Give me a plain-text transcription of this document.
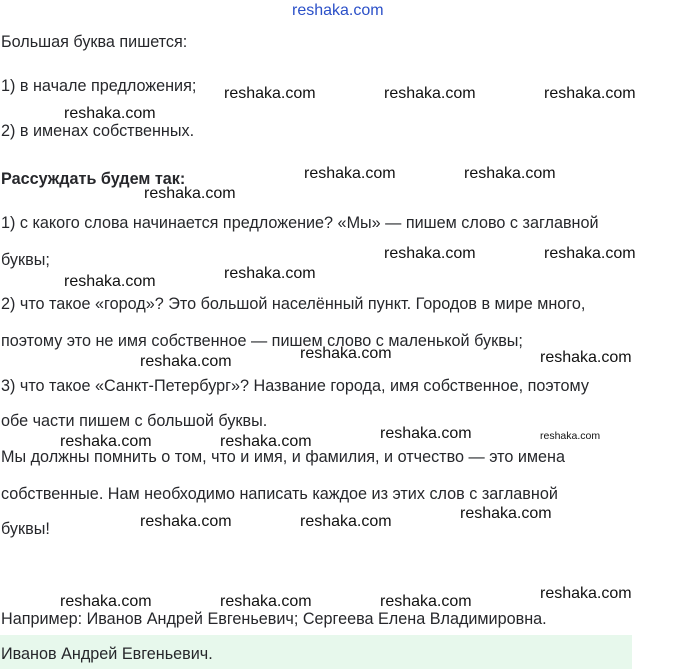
reshaka.com
Большая буква пишется:
1) в начале предложения;
2) в именах собственных.
Рассуждать будем так:
1) с какого слова начинается предложение? «Мы» — пишем слово с заглавной
буквы;
2) что такое «город»? Это большой населённый пункт. Городов в мире много,
поэтому это не имя собственное — пишем слово с маленькой буквы;
3) что такое «Санкт-Петербург»? Название города, имя собственное, поэтому
обе части пишем с большой буквы.
Мы должны помнить о том, что и имя, и фамилия, и отчество — это имена
собственные. Нам необходимо написать каждое из этих слов с заглавной
буквы!
Например: Иванов Андрей Евгеньевич; Сергеева Елена Владимировна.
Иванов Андрей Евгеньевич.
reshaka.com	reshaka.com	reshaka.com
reshaka.com
reshaka.com	reshaka.com
reshaka.com
reshaka.com	reshaka.com
reshaka.com
reshaka.com
reshaka.com	reshaka.com
reshaka.com
reshaka.com	reshaka.com
reshaka.com	reshaka.com
reshaka.com
reshaka.com	reshaka.com
reshaka.com
reshaka.com	reshaka.com	reshaka.com
